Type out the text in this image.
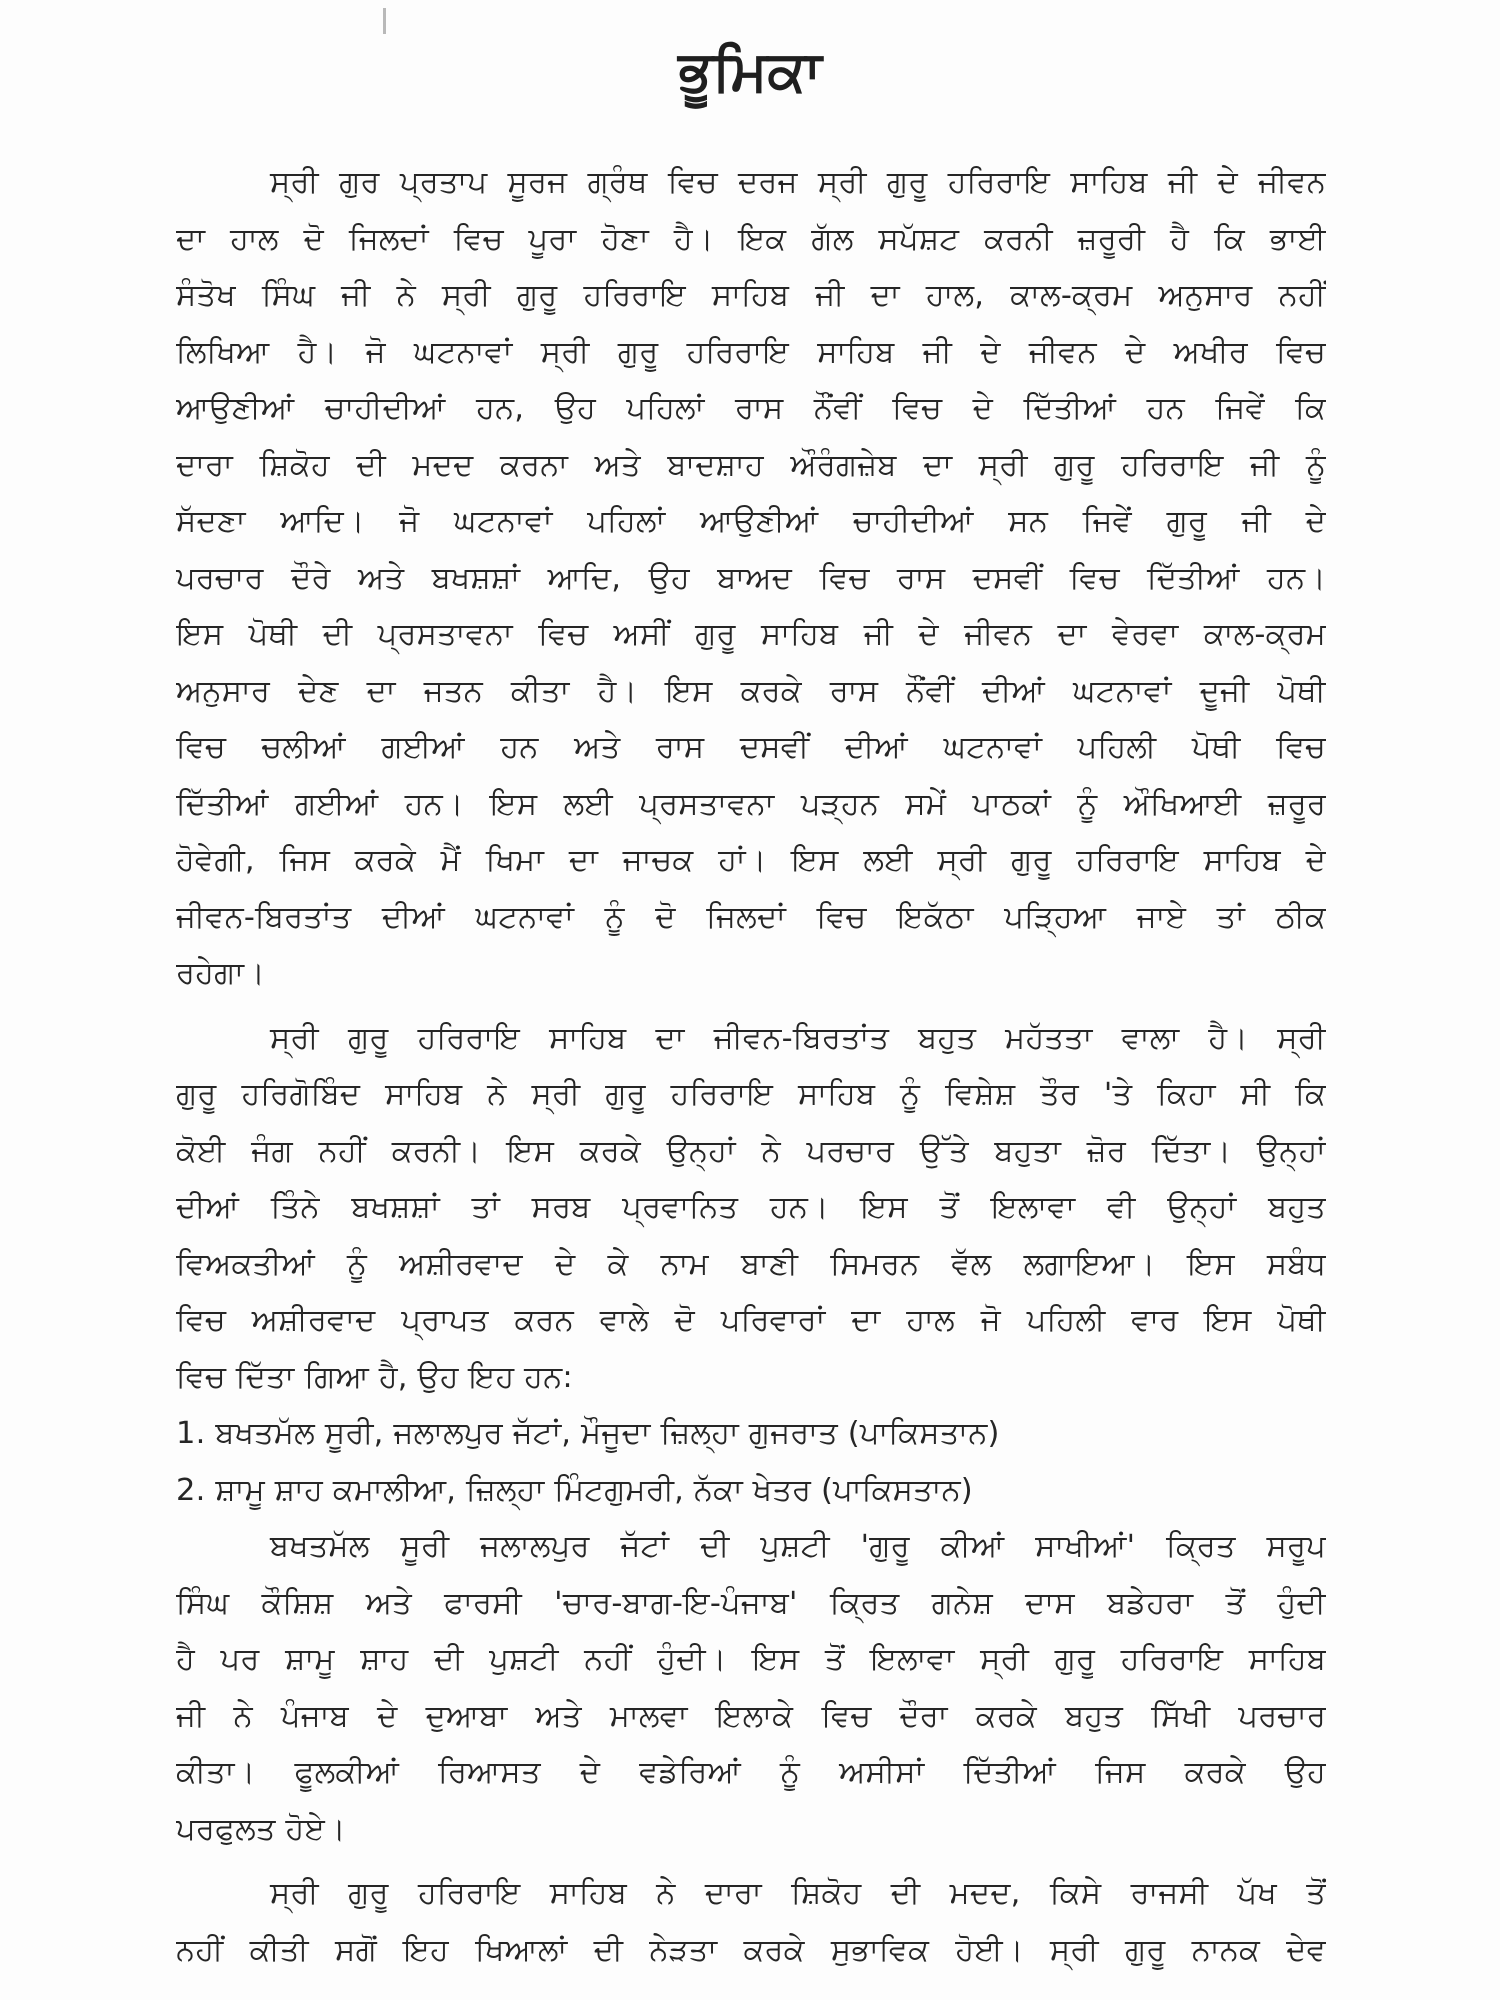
ਭੂਮਿਕਾ
ਸ੍ਰੀ ਗੁਰ ਪ੍ਰਤਾਪ ਸੂਰਜ ਗ੍ਰੰਥ ਵਿਚ ਦਰਜ ਸ੍ਰੀ ਗੁਰੂ ਹਰਿਰਾਇ ਸਾਹਿਬ ਜੀ ਦੇ ਜੀਵਨ
ਦਾ ਹਾਲ ਦੋ ਜਿਲਦਾਂ ਵਿਚ ਪੂਰਾ ਹੋਣਾ ਹੈ। ਇਕ ਗੱਲ ਸਪੱਸ਼ਟ ਕਰਨੀ ਜ਼ਰੂਰੀ ਹੈ ਕਿ ਭਾਈ
ਸੰਤੋਖ ਸਿੰਘ ਜੀ ਨੇ ਸ੍ਰੀ ਗੁਰੂ ਹਰਿਰਾਇ ਸਾਹਿਬ ਜੀ ਦਾ ਹਾਲ, ਕਾਲ-ਕ੍ਰਮ ਅਨੁਸਾਰ ਨਹੀਂ
ਲਿਖਿਆ ਹੈ। ਜੋ ਘਟਨਾਵਾਂ ਸ੍ਰੀ ਗੁਰੂ ਹਰਿਰਾਇ ਸਾਹਿਬ ਜੀ ਦੇ ਜੀਵਨ ਦੇ ਅਖੀਰ ਵਿਚ
ਆਉਣੀਆਂ ਚਾਹੀਦੀਆਂ ਹਨ, ਉਹ ਪਹਿਲਾਂ ਰਾਸ ਨੌਂਵੀਂ ਵਿਚ ਦੇ ਦਿੱਤੀਆਂ ਹਨ ਜਿਵੇਂ ਕਿ
ਦਾਰਾ ਸ਼ਿਕੋਹ ਦੀ ਮਦਦ ਕਰਨਾ ਅਤੇ ਬਾਦਸ਼ਾਹ ਔਰੰਗਜ਼ੇਬ ਦਾ ਸ੍ਰੀ ਗੁਰੂ ਹਰਿਰਾਇ ਜੀ ਨੂੰ
ਸੱਦਣਾ ਆਦਿ। ਜੋ ਘਟਨਾਵਾਂ ਪਹਿਲਾਂ ਆਉਣੀਆਂ ਚਾਹੀਦੀਆਂ ਸਨ ਜਿਵੇਂ ਗੁਰੂ ਜੀ ਦੇ
ਪਰਚਾਰ ਦੌਰੇ ਅਤੇ ਬਖਸ਼ਸ਼ਾਂ ਆਦਿ, ਉਹ ਬਾਅਦ ਵਿਚ ਰਾਸ ਦਸਵੀਂ ਵਿਚ ਦਿੱਤੀਆਂ ਹਨ।
ਇਸ ਪੋਥੀ ਦੀ ਪ੍ਰਸਤਾਵਨਾ ਵਿਚ ਅਸੀਂ ਗੁਰੂ ਸਾਹਿਬ ਜੀ ਦੇ ਜੀਵਨ ਦਾ ਵੇਰਵਾ ਕਾਲ-ਕ੍ਰਮ
ਅਨੁਸਾਰ ਦੇਣ ਦਾ ਜਤਨ ਕੀਤਾ ਹੈ। ਇਸ ਕਰਕੇ ਰਾਸ ਨੌਂਵੀਂ ਦੀਆਂ ਘਟਨਾਵਾਂ ਦੂਜੀ ਪੋਥੀ
ਵਿਚ ਚਲੀਆਂ ਗਈਆਂ ਹਨ ਅਤੇ ਰਾਸ ਦਸਵੀਂ ਦੀਆਂ ਘਟਨਾਵਾਂ ਪਹਿਲੀ ਪੋਥੀ ਵਿਚ
ਦਿੱਤੀਆਂ ਗਈਆਂ ਹਨ। ਇਸ ਲਈ ਪ੍ਰਸਤਾਵਨਾ ਪੜ੍ਹਨ ਸਮੇਂ ਪਾਠਕਾਂ ਨੂੰ ਔਖਿਆਈ ਜ਼ਰੂਰ
ਹੋਵੇਗੀ, ਜਿਸ ਕਰਕੇ ਮੈਂ ਖਿਮਾ ਦਾ ਜਾਚਕ ਹਾਂ। ਇਸ ਲਈ ਸ੍ਰੀ ਗੁਰੂ ਹਰਿਰਾਇ ਸਾਹਿਬ ਦੇ
ਜੀਵਨ-ਬਿਰਤਾਂਤ ਦੀਆਂ ਘਟਨਾਵਾਂ ਨੂੰ ਦੋ ਜਿਲਦਾਂ ਵਿਚ ਇਕੱਠਾ ਪੜ੍ਹਿਆ ਜਾਏ ਤਾਂ ਠੀਕ
ਰਹੇਗਾ।
ਸ੍ਰੀ ਗੁਰੂ ਹਰਿਰਾਇ ਸਾਹਿਬ ਦਾ ਜੀਵਨ-ਬਿਰਤਾਂਤ ਬਹੁਤ ਮਹੱਤਤਾ ਵਾਲਾ ਹੈ। ਸ੍ਰੀ
ਗੁਰੂ ਹਰਿਗੋਬਿੰਦ ਸਾਹਿਬ ਨੇ ਸ੍ਰੀ ਗੁਰੂ ਹਰਿਰਾਇ ਸਾਹਿਬ ਨੂੰ ਵਿਸ਼ੇਸ਼ ਤੌਰ 'ਤੇ ਕਿਹਾ ਸੀ ਕਿ
ਕੋਈ ਜੰਗ ਨਹੀਂ ਕਰਨੀ। ਇਸ ਕਰਕੇ ਉਨ੍ਹਾਂ ਨੇ ਪਰਚਾਰ ਉੱਤੇ ਬਹੁਤਾ ਜ਼ੋਰ ਦਿੱਤਾ। ਉਨ੍ਹਾਂ
ਦੀਆਂ ਤਿੰਨੇ ਬਖਸ਼ਸ਼ਾਂ ਤਾਂ ਸਰਬ ਪ੍ਰਵਾਨਿਤ ਹਨ। ਇਸ ਤੋਂ ਇਲਾਵਾ ਵੀ ਉਨ੍ਹਾਂ ਬਹੁਤ
ਵਿਅਕਤੀਆਂ ਨੂੰ ਅਸ਼ੀਰਵਾਦ ਦੇ ਕੇ ਨਾਮ ਬਾਣੀ ਸਿਮਰਨ ਵੱਲ ਲਗਾਇਆ। ਇਸ ਸਬੰਧ
ਵਿਚ ਅਸ਼ੀਰਵਾਦ ਪ੍ਰਾਪਤ ਕਰਨ ਵਾਲੇ ਦੋ ਪਰਿਵਾਰਾਂ ਦਾ ਹਾਲ ਜੋ ਪਹਿਲੀ ਵਾਰ ਇਸ ਪੋਥੀ
ਵਿਚ ਦਿੱਤਾ ਗਿਆ ਹੈ, ਉਹ ਇਹ ਹਨ:
1. ਬਖਤਮੱਲ ਸੂਰੀ, ਜਲਾਲਪੁਰ ਜੱਟਾਂ, ਮੌਜੂਦਾ ਜ਼ਿਲ੍ਹਾ ਗੁਜਰਾਤ (ਪਾਕਿਸਤਾਨ)
2. ਸ਼ਾਮੂ ਸ਼ਾਹ ਕਮਾਲੀਆ, ਜ਼ਿਲ੍ਹਾ ਮਿੰਟਗੁਮਰੀ, ਨੱਕਾ ਖੇਤਰ (ਪਾਕਿਸਤਾਨ)
ਬਖਤਮੱਲ ਸੂਰੀ ਜਲਾਲਪੁਰ ਜੱਟਾਂ ਦੀ ਪੁਸ਼ਟੀ 'ਗੁਰੂ ਕੀਆਂ ਸਾਖੀਆਂ' ਕ੍ਰਿਤ ਸਰੂਪ
ਸਿੰਘ ਕੌਸ਼ਿਸ਼ ਅਤੇ ਫਾਰਸੀ 'ਚਾਰ-ਬਾਗ-ਇ-ਪੰਜਾਬ' ਕ੍ਰਿਤ ਗਨੇਸ਼ ਦਾਸ ਬਡੇਹਰਾ ਤੋਂ ਹੁੰਦੀ
ਹੈ ਪਰ ਸ਼ਾਮੂ ਸ਼ਾਹ ਦੀ ਪੁਸ਼ਟੀ ਨਹੀਂ ਹੁੰਦੀ। ਇਸ ਤੋਂ ਇਲਾਵਾ ਸ੍ਰੀ ਗੁਰੂ ਹਰਿਰਾਇ ਸਾਹਿਬ
ਜੀ ਨੇ ਪੰਜਾਬ ਦੇ ਦੁਆਬਾ ਅਤੇ ਮਾਲਵਾ ਇਲਾਕੇ ਵਿਚ ਦੌਰਾ ਕਰਕੇ ਬਹੁਤ ਸਿੱਖੀ ਪਰਚਾਰ
ਕੀਤਾ। ਫੂਲਕੀਆਂ ਰਿਆਸਤ ਦੇ ਵਡੇਰਿਆਂ ਨੂੰ ਅਸੀਸਾਂ ਦਿੱਤੀਆਂ ਜਿਸ ਕਰਕੇ ਉਹ
ਪਰਫੁਲਤ ਹੋਏ।
ਸ੍ਰੀ ਗੁਰੂ ਹਰਿਰਾਇ ਸਾਹਿਬ ਨੇ ਦਾਰਾ ਸ਼ਿਕੋਹ ਦੀ ਮਦਦ, ਕਿਸੇ ਰਾਜਸੀ ਪੱਖ ਤੋਂ
ਨਹੀਂ ਕੀਤੀ ਸਗੋਂ ਇਹ ਖਿਆਲਾਂ ਦੀ ਨੇੜਤਾ ਕਰਕੇ ਸੁਭਾਵਿਕ ਹੋਈ। ਸ੍ਰੀ ਗੁਰੂ ਨਾਨਕ ਦੇਵ
